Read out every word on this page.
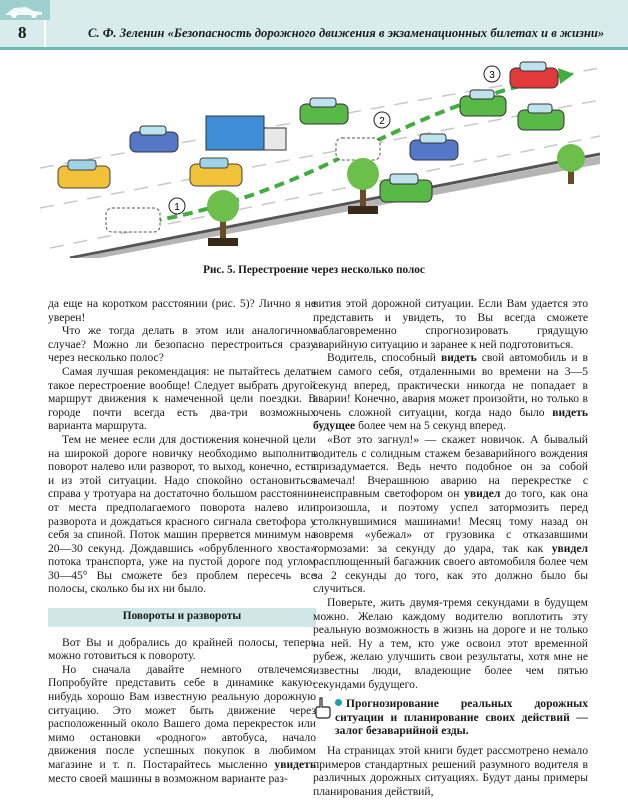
8	С. Ф. Зеленин «Безопасность дорожного движения в экзаменационных билетах и в жизни»
1
2
3
Рис. 5. Перестроение через несколько полос

да еще на коротком расстоянии (рис. 5)? Лично я не уверен!

Что же тогда делать в этом или аналогичном случае? Можно ли безопасно перестроиться сразу через несколько полос?

Самая лучшая рекомендация: не пытайтесь делать такое перестроение вообще! Следует выбрать другой маршрут движения к намеченной цели поездки. В городе почти всегда есть два-три возможных варианта маршрута.

Тем не менее если для достижения конечной цели на широкой дороге новичку необходимо выполнить поворот налево или разворот, то выход, конечно, есть и из этой ситуации. Надо спокойно остановиться справа у тротуара на достаточно большом расстоянии от места предполагаемого поворота налево или разворота и дождаться красного сигнала светофора у себя за спиной. Поток машин прервется минимум на 20—30 секунд. Дождавшись «обрубленного хвоста» потока транспорта, уже на пустой дороге под углом 30—45° Вы сможете без проблем пересечь все полосы, сколько бы их ни было.

Повороты и развороты

Вот Вы и добрались до крайней полосы, теперь можно готовиться к повороту.

Но сначала давайте немного отвлечемся. Попробуйте представить себе в динамике какую-нибудь хорошо Вам известную реальную дорожную ситуацию. Это может быть движение через расположенный около Вашего дома перекресток или мимо остановки «родного» автобуса, начало движения после успешных покупок в любимом магазине и т. п. Постарайтесь мысленно увидеть место своей машины в возможном варианте раз-

вития этой дорожной ситуации. Если Вам удается это представить и увидеть, то Вы всегда сможете заблаговременно спрогнозировать грядущую аварийную ситуацию и заранее к ней подготовиться.

Водитель, способный видеть свой автомобиль и в нем самого себя, отдаленными во времени на 3—5 секунд вперед, практически никогда не попадает в аварии! Конечно, авария может произойти, но только в очень сложной ситуации, когда надо было видеть будущее более чем на 5 секунд вперед.

«Вот это загнул!» — скажет новичок. А бывалый водитель с солидным стажем безаварийного вождения призадумается. Ведь нечто подобное он за собой замечал! Вчерашнюю аварию на перекрестке с неисправным светофором он увидел до того, как она произошла, и поэтому успел затормозить перед столкнувшимися машинами! Месяц тому назад он вовремя «убежал» от грузовика с отказавшими тормозами: за секунду до удара, так как увидел расплющенный багажник своего автомобиля более чем за 2 секунды до того, как это должно было бы случиться.

Поверьте, жить двумя-тремя секундами в будущем можно. Желаю каждому водителю воплотить эту реальную возможность в жизнь на дороге и не только на ней. Ну а тем, кто уже освоил этот временной рубеж, желаю улучшить свои результаты, хотя мне не известны люди, владеющие более чем пятью секундами будущего.

Прогнозирование реальных дорожных ситуации и планирование своих действий — залог безаварийной езды.

На страницах этой книги будет рассмотрено немало примеров стандартных решений разумного водителя в различных дорожных ситуациях. Будут даны примеры планирования действий,
